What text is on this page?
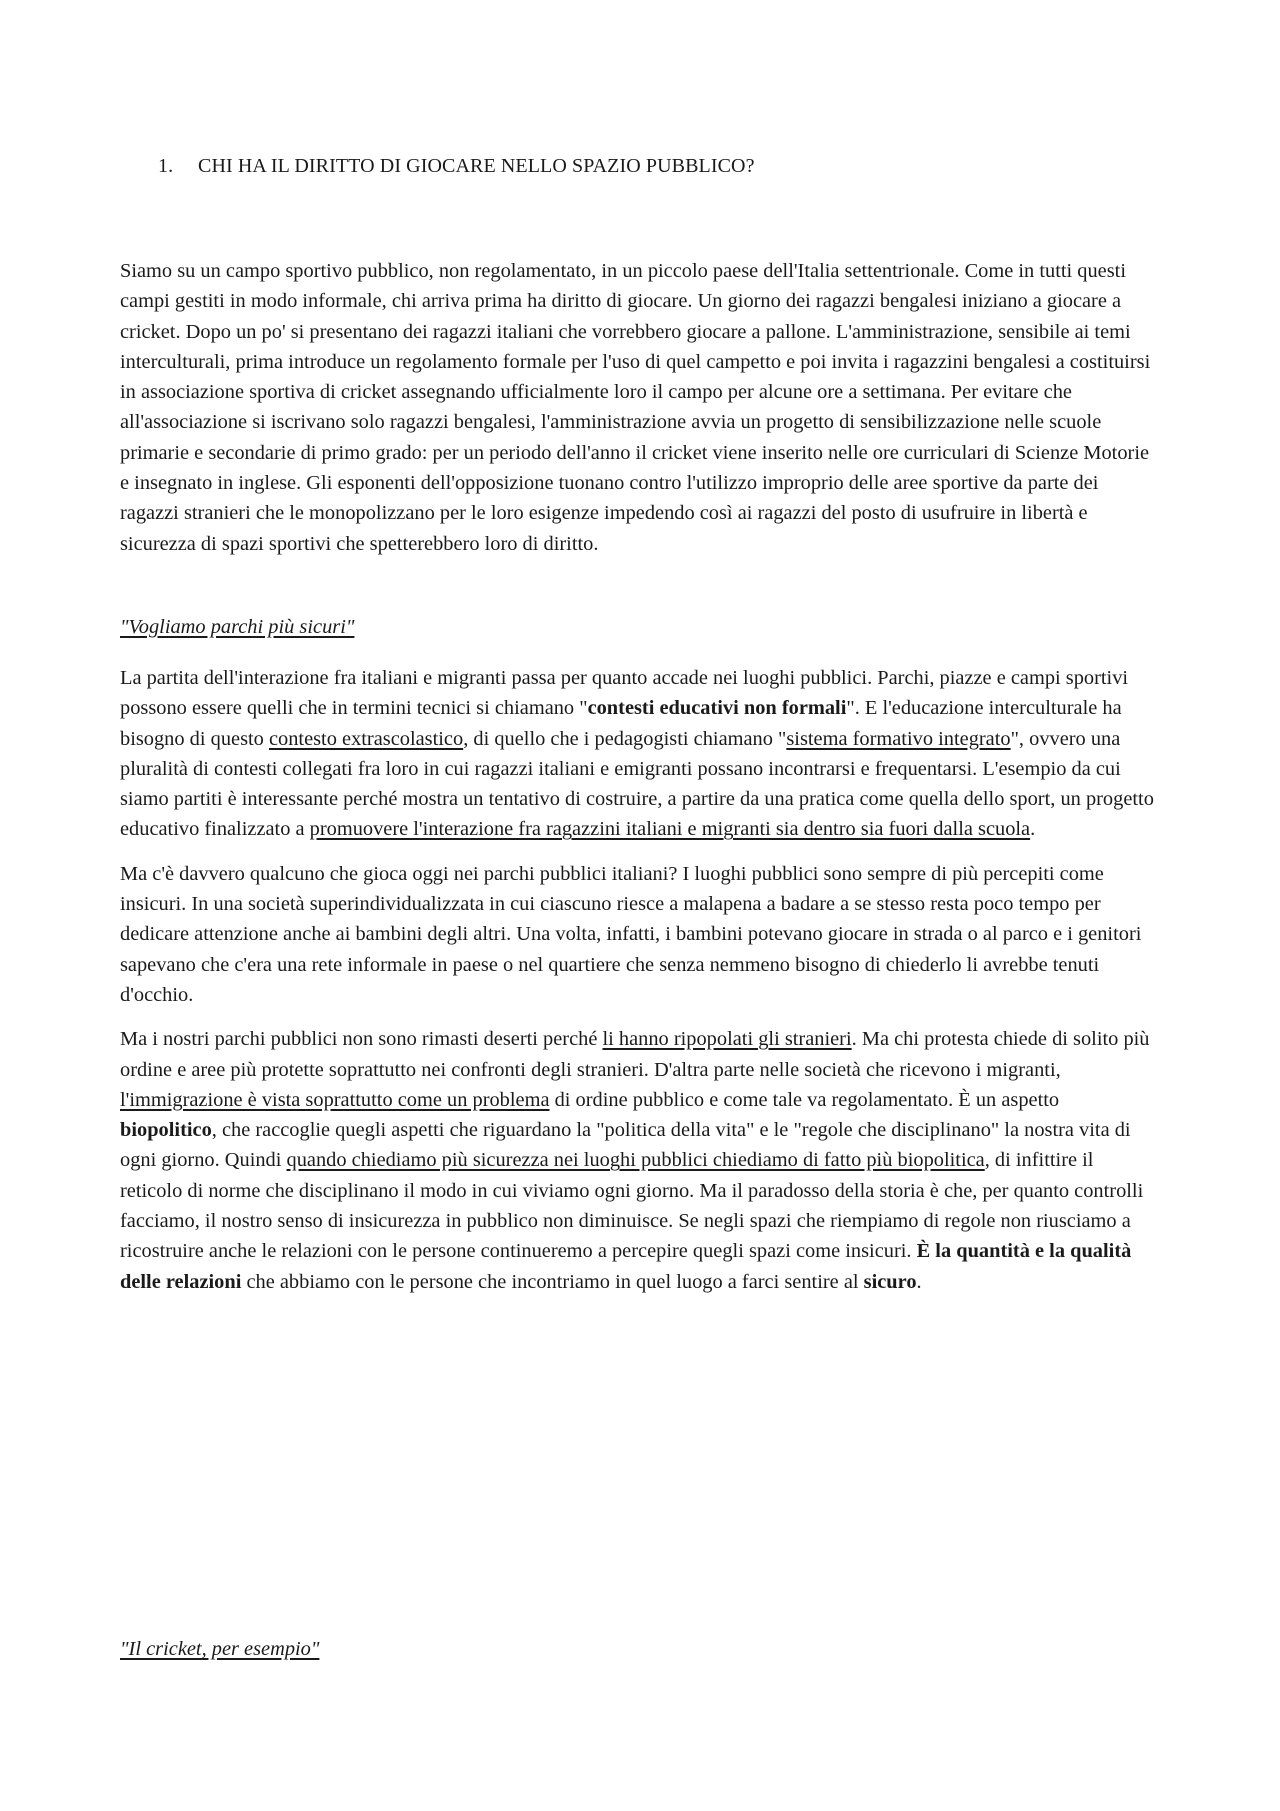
1. CHI HA IL DIRITTO DI GIOCARE NELLO SPAZIO PUBBLICO?

Siamo su un campo sportivo pubblico, non regolamentato, in un piccolo paese dell'Italia settentrionale. Come in tutti questi campi gestiti in modo informale, chi arriva prima ha diritto di giocare. Un giorno dei ragazzi bengalesi iniziano a giocare a cricket. Dopo un po' si presentano dei ragazzi italiani che vorrebbero giocare a pallone. L'amministrazione, sensibile ai temi interculturali, prima introduce un regolamento formale per l'uso di quel campetto e poi invita i ragazzini bengalesi a costituirsi in associazione sportiva di cricket assegnando ufficialmente loro il campo per alcune ore a settimana. Per evitare che all'associazione si iscrivano solo ragazzi bengalesi, l'amministrazione avvia un progetto di sensibilizzazione nelle scuole primarie e secondarie di primo grado: per un periodo dell'anno il cricket viene inserito nelle ore curriculari di Scienze Motorie e insegnato in inglese. Gli esponenti dell'opposizione tuonano contro l'utilizzo improprio delle aree sportive da parte dei ragazzi stranieri che le monopolizzano per le loro esigenze impedendo così ai ragazzi del posto di usufruire in libertà e sicurezza di spazi sportivi che spetterebbero loro di diritto.

"Vogliamo parchi più sicuri"

La partita dell'interazione fra italiani e migranti passa per quanto accade nei luoghi pubblici. Parchi, piazze e campi sportivi possono essere quelli che in termini tecnici si chiamano "contesti educativi non formali". E l'educazione interculturale ha bisogno di questo contesto extrascolastico, di quello che i pedagogisti chiamano "sistema formativo integrato", ovvero una pluralità di contesti collegati fra loro in cui ragazzi italiani e emigranti possano incontrarsi e frequentarsi. L'esempio da cui siamo partiti è interessante perché mostra un tentativo di costruire, a partire da una pratica come quella dello sport, un progetto educativo finalizzato a promuovere l'interazione fra ragazzini italiani e migranti sia dentro sia fuori dalla scuola.

Ma c'è davvero qualcuno che gioca oggi nei parchi pubblici italiani? I luoghi pubblici sono sempre di più percepiti come insicuri. In una società superindividualizzata in cui ciascuno riesce a malapena a badare a se stesso resta poco tempo per dedicare attenzione anche ai bambini degli altri. Una volta, infatti, i bambini potevano giocare in strada o al parco e i genitori sapevano che c'era una rete informale in paese o nel quartiere che senza nemmeno bisogno di chiederlo li avrebbe tenuti d'occhio.

Ma i nostri parchi pubblici non sono rimasti deserti perché li hanno ripopolati gli stranieri. Ma chi protesta chiede di solito più ordine e aree più protette soprattutto nei confronti degli stranieri. D'altra parte nelle società che ricevono i migranti, l'immigrazione è vista soprattutto come un problema di ordine pubblico e come tale va regolamentato. È un aspetto biopolitico, che raccoglie quegli aspetti che riguardano la "politica della vita" e le "regole che disciplinano" la nostra vita di ogni giorno. Quindi quando chiediamo più sicurezza nei luoghi pubblici chiediamo di fatto più biopolitica, di infittire il reticolo di norme che disciplinano il modo in cui viviamo ogni giorno. Ma il paradosso della storia è che, per quanto controlli facciamo, il nostro senso di insicurezza in pubblico non diminuisce. Se negli spazi che riempiamo di regole non riusciamo a ricostruire anche le relazioni con le persone continueremo a percepire quegli spazi come insicuri. È la quantità e la qualità delle relazioni che abbiamo con le persone che incontriamo in quel luogo a farci sentire al sicuro.

"Il cricket, per esempio"
